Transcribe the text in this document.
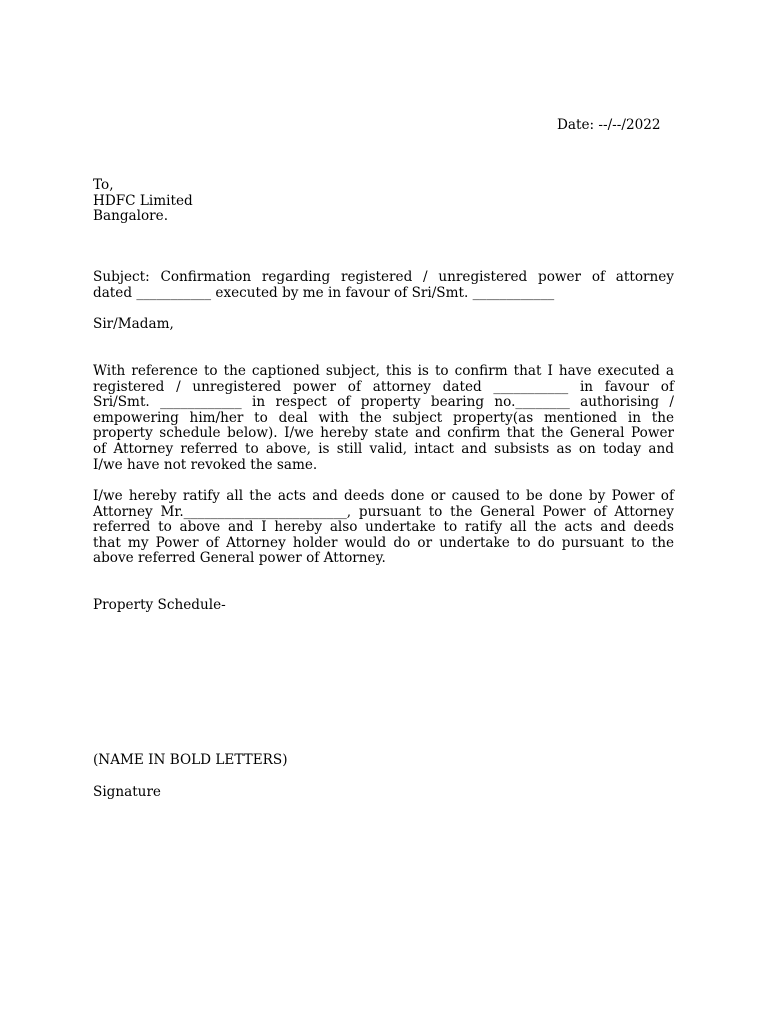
Date: --/--/2022
To,
HDFC Limited
Bangalore.
Subject: Confirmation regarding registered / unregistered power of attorney
dated ___________ executed by me in favour of Sri/Smt. ____________
Sir/Madam,
With reference to the captioned subject, this is to confirm that I have executed a
registered / unregistered power of attorney dated ___________ in favour of
Sri/Smt. ____________ in respect of property bearing no.________ authorising /
empowering him/her to deal with the subject property(as mentioned in the
property schedule below). I/we hereby state and confirm that the General Power
of Attorney referred to above, is still valid, intact and subsists as on today and
I/we have not revoked the same.
I/we hereby ratify all the acts and deeds done or caused to be done by Power of
Attorney Mr.________________________, pursuant to the General Power of Attorney
referred to above and I hereby also undertake to ratify all the acts and deeds
that my Power of Attorney holder would do or undertake to do pursuant to the
above referred General power of Attorney.
Property Schedule-
(NAME IN BOLD LETTERS)
Signature
